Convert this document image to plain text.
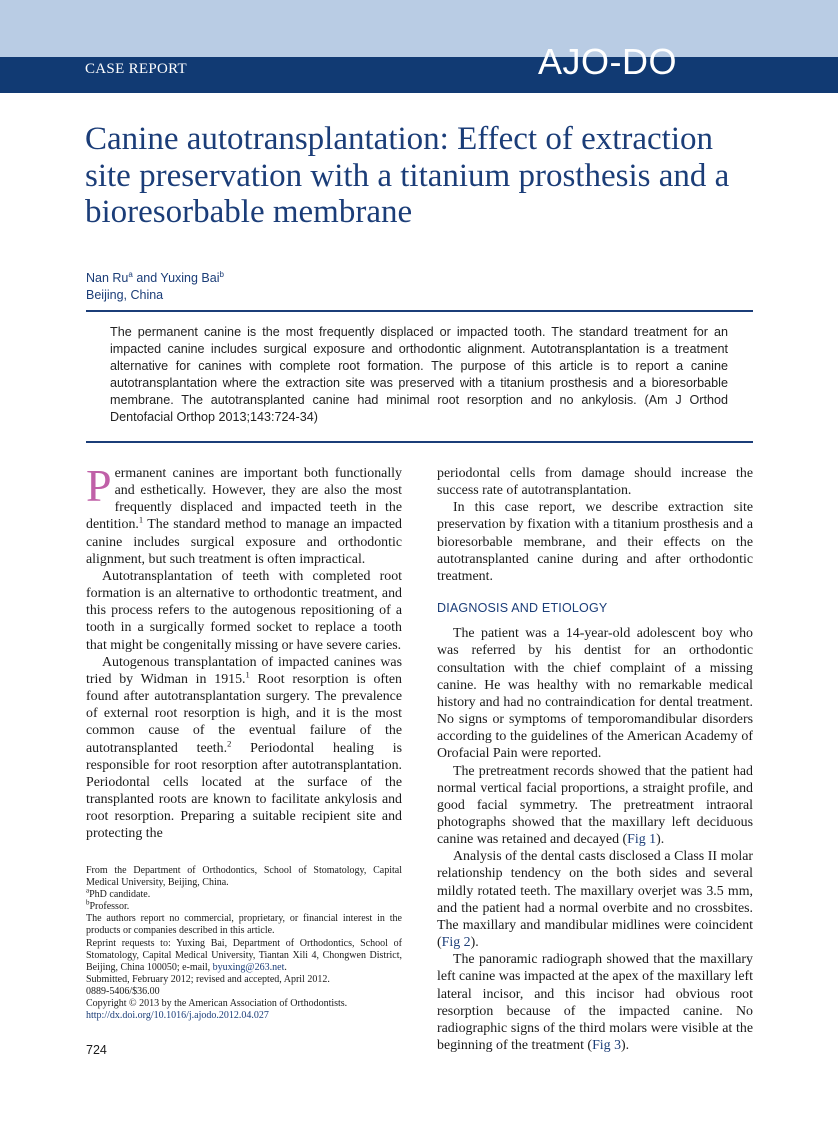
CASE REPORT	AJO-DO
Canine autotransplantation: Effect of extraction site preservation with a titanium prosthesis and a bioresorbable membrane
Nan Ru$^a$ and Yuxing Bai$^b$
Beijing, China

The permanent canine is the most frequently displaced or impacted tooth. The standard treatment for an impacted canine includes surgical exposure and orthodontic alignment. Autotransplantation is a treatment alternative for canines with complete root formation. The purpose of this article is to report a canine autotransplantation where the extraction site was preserved with a titanium prosthesis and a bioresorbable membrane. The autotransplanted canine had minimal root resorption and no ankylosis. (Am J Orthod Dentofacial Orthop 2013;143:724-34)

Permanent canines are important both functionally and esthetically. However, they are also the most frequently displaced and impacted teeth in the dentition.$^1$ The standard method to manage an impacted canine includes surgical exposure and orthodontic alignment, but such treatment is often impractical.

Autotransplantation of teeth with completed root formation is an alternative to orthodontic treatment, and this process refers to the autogenous repositioning of a tooth in a surgically formed socket to replace a tooth that might be congenitally missing or have severe caries.

Autogenous transplantation of impacted canines was tried by Widman in 1915.$^1$ Root resorption is often found after autotransplantation surgery. The prevalence of external root resorption is high, and it is the most common cause of the eventual failure of the autotransplanted teeth.$^2$ Periodontal healing is responsible for root resorption after autotransplantation. Periodontal cells located at the surface of the transplanted roots are known to facilitate ankylosis and root resorption. Preparing a suitable recipient site and protecting the

periodontal cells from damage should increase the success rate of autotransplantation.

In this case report, we describe extraction site preservation by fixation with a titanium prosthesis and a bioresorbable membrane, and their effects on the autotransplanted canine during and after orthodontic treatment.

DIAGNOSIS AND ETIOLOGY

The patient was a 14-year-old adolescent boy who was referred by his dentist for an orthodontic consultation with the chief complaint of a missing canine. He was healthy with no remarkable medical history and had no contraindication for dental treatment. No signs or symptoms of temporomandibular disorders according to the guidelines of the American Academy of Orofacial Pain were reported.

The pretreatment records showed that the patient had normal vertical facial proportions, a straight profile, and good facial symmetry. The pretreatment intraoral photographs showed that the maxillary left deciduous canine was retained and decayed (Fig 1).

Analysis of the dental casts disclosed a Class II molar relationship tendency on the both sides and several mildly rotated teeth. The maxillary overjet was 3.5 mm, and the patient had a normal overbite and no crossbites. The maxillary and mandibular midlines were coincident (Fig 2).

The panoramic radiograph showed that the maxillary left canine was impacted at the apex of the maxillary left lateral incisor, and this incisor had obvious root resorption because of the impacted canine. No radiographic signs of the third molars were visible at the beginning of the treatment (Fig 3).

From the Department of Orthodontics, School of Stomatology, Capital Medical University, Beijing, China.

$^a$PhD candidate.

$^b$Professor.

The authors report no commercial, proprietary, or financial interest in the products or companies described in this article.

Reprint requests to: Yuxing Bai, Department of Orthodontics, School of Stomatology, Capital Medical University, Tiantan Xili 4, Chongwen District, Beijing, China 100050; e-mail, byuxing@263.net.

Submitted, February 2012; revised and accepted, April 2012.

0889-5406/$36.00

Copyright © 2013 by the American Association of Orthodontists.

http://dx.doi.org/10.1016/j.ajodo.2012.04.027

724
